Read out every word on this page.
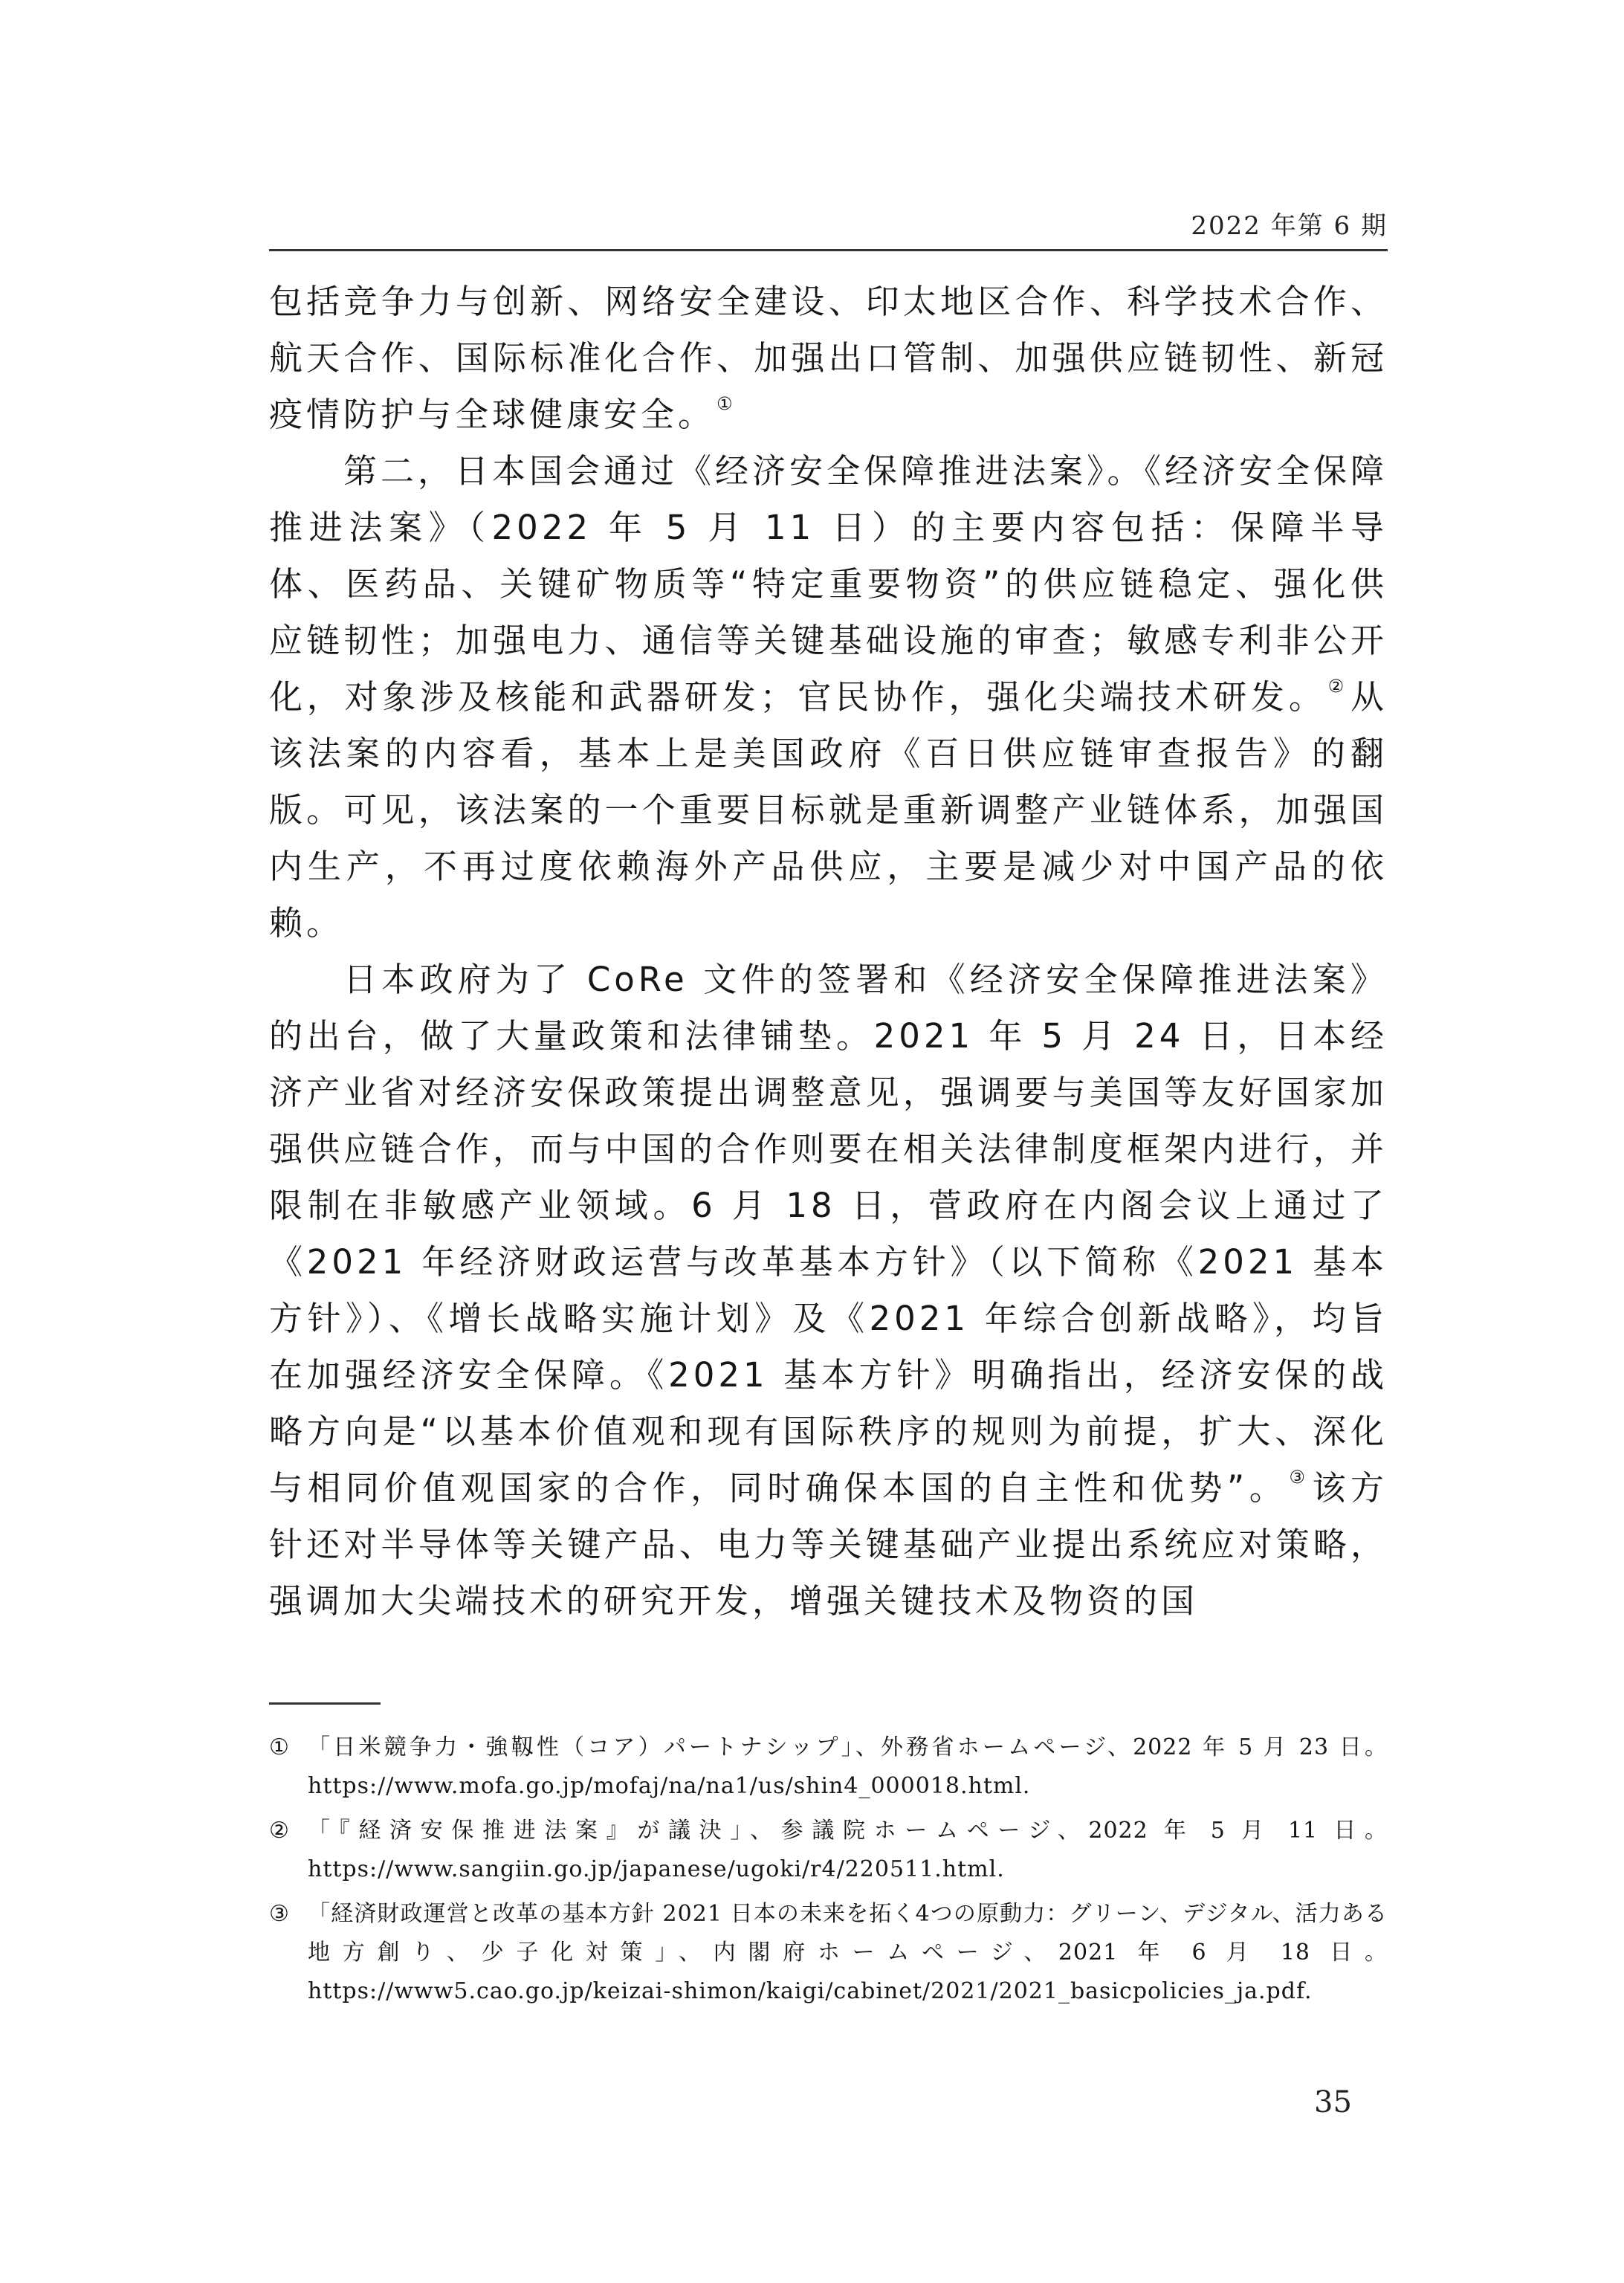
2022 年第 6 期

包括竞争力与创新、网络安全建设、印太地区合作、科学技术合作、航天合作、国际标准化合作、加强出口管制、加强供应链韧性、新冠疫情防护与全球健康安全。①

第二，日本国会通过《经济安全保障推进法案》。《经济安全保障推进法案》（2022 年 5 月 11 日）的主要内容包括：保障半导体、医药品、关键矿物质等“特定重要物资”的供应链稳定、强化供应链韧性；加强电力、通信等关键基础设施的审查；敏感专利非公开化，对象涉及核能和武器研发；官民协作，强化尖端技术研发。② 从该法案的内容看，基本上是美国政府《百日供应链审查报告》的翻版。可见，该法案的一个重要目标就是重新调整产业链体系，加强国内生产，不再过度依赖海外产品供应，主要是减少对中国产品的依赖。

日本政府为了 CoRe 文件的签署和《经济安全保障推进法案》的出台，做了大量政策和法律铺垫。2021 年 5 月 24 日，日本经济产业省对经济安保政策提出调整意见，强调要与美国等友好国家加强供应链合作，而与中国的合作则要在相关法律制度框架内进行，并限制在非敏感产业领域。6 月 18 日，菅政府在内阁会议上通过了《2021 年经济财政运营与改革基本方针》（以下简称《2021 基本方针》）、《增长战略实施计划》及《2021 年综合创新战略》，均旨在加强经济安全保障。《2021 基本方针》明确指出，经济安保的战略方向是“以基本价值观和现有国际秩序的规则为前提，扩大、深化与相同价值观国家的合作，同时确保本国的自主性和优势”。③ 该方针还对半导体等关键产品、电力等关键基础产业提出系统应对策略，强调加大尖端技术的研究开发，增强关键技术及物资的国

① 「日米競争力・強靱性（コア）パートナシップ」、外務省ホームページ、2022 年 5 月 23 日。https://www.mofa.go.jp/mofaj/na/na1/us/shin4_000018.html.
② 「『経済安保推进法案』が議決」、参議院ホームページ、2022 年 5 月 11 日。https://www.sangiin.go.jp/japanese/ugoki/r4/220511.html.
③ 「経済財政運営と改革の基本方針 2021 日本の未来を拓く4つの原動力：グリーン、デジタル、活力ある地方創り、少子化対策」、内閣府ホームページ、2021 年 6 月 18 日。https://www5.cao.go.jp/keizai-shimon/kaigi/cabinet/2021/2021_basicpolicies_ja.pdf.
35
